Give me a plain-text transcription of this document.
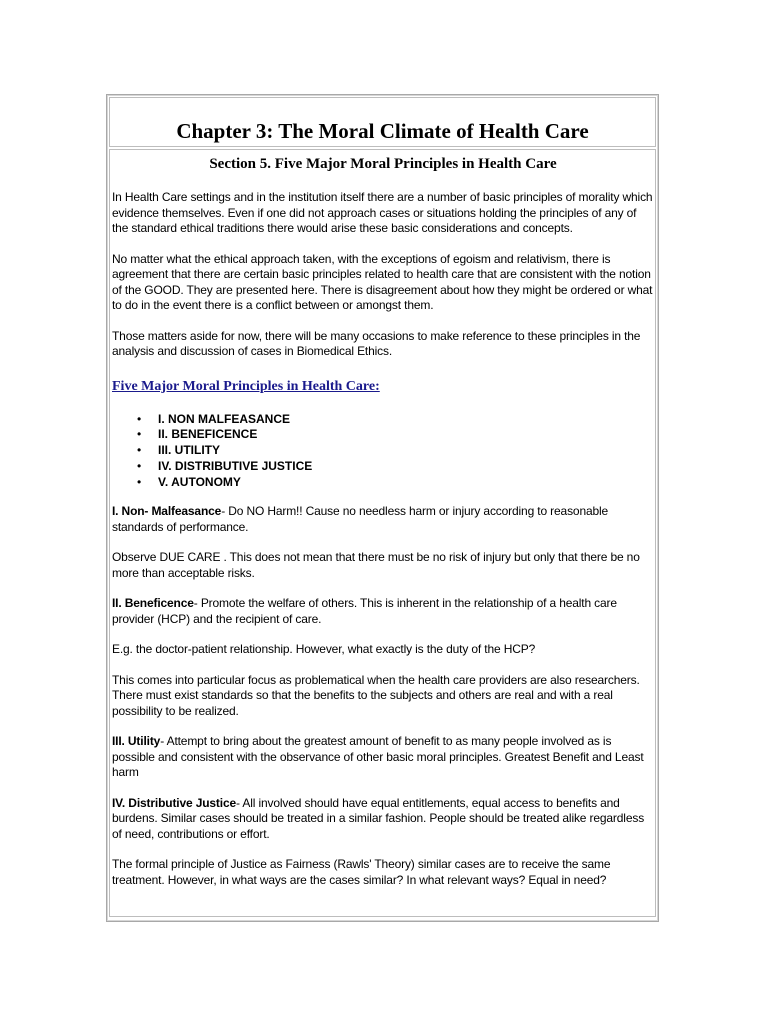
Chapter 3: The Moral Climate of Health Care
Section 5. Five Major Moral Principles in Health Care

In Health Care settings and in the institution itself there are a number of basic principles of morality which evidence themselves. Even if one did not approach cases or situations holding the principles of any of the standard ethical traditions there would arise these basic considerations and concepts.

No matter what the ethical approach taken, with the exceptions of egoism and relativism, there is agreement that there are certain basic principles related to health care that are consistent with the notion of the GOOD. They are presented here. There is disagreement about how they might be ordered or what to do in the event there is a conflict between or amongst them.

Those matters aside for now, there will be many occasions to make reference to these principles in the analysis and discussion of cases in Biomedical Ethics.

Five Major Moral Principles in Health Care:
• I. NON MALFEASANCE
• II. BENEFICENCE
• III. UTILITY
• IV. DISTRIBUTIVE JUSTICE
• V. AUTONOMY

I. Non- Malfeasance- Do NO Harm!! Cause no needless harm or injury according to reasonable standards of performance.

Observe DUE CARE . This does not mean that there must be no risk of injury but only that there be no more than acceptable risks.

II. Beneficence- Promote the welfare of others. This is inherent in the relationship of a health care provider (HCP) and the recipient of care.

E.g. the doctor-patient relationship. However, what exactly is the duty of the HCP?

This comes into particular focus as problematical when the health care providers are also researchers. There must exist standards so that the benefits to the subjects and others are real and with a real possibility to be realized.

III. Utility- Attempt to bring about the greatest amount of benefit to as many people involved as is possible and consistent with the observance of other basic moral principles. Greatest Benefit and Least harm

IV. Distributive Justice- All involved should have equal entitlements, equal access to benefits and burdens. Similar cases should be treated in a similar fashion. People should be treated alike regardless of need, contributions or effort.

The formal principle of Justice as Fairness (Rawls' Theory) similar cases are to receive the same treatment. However, in what ways are the cases similar? In what relevant ways? Equal in need?
